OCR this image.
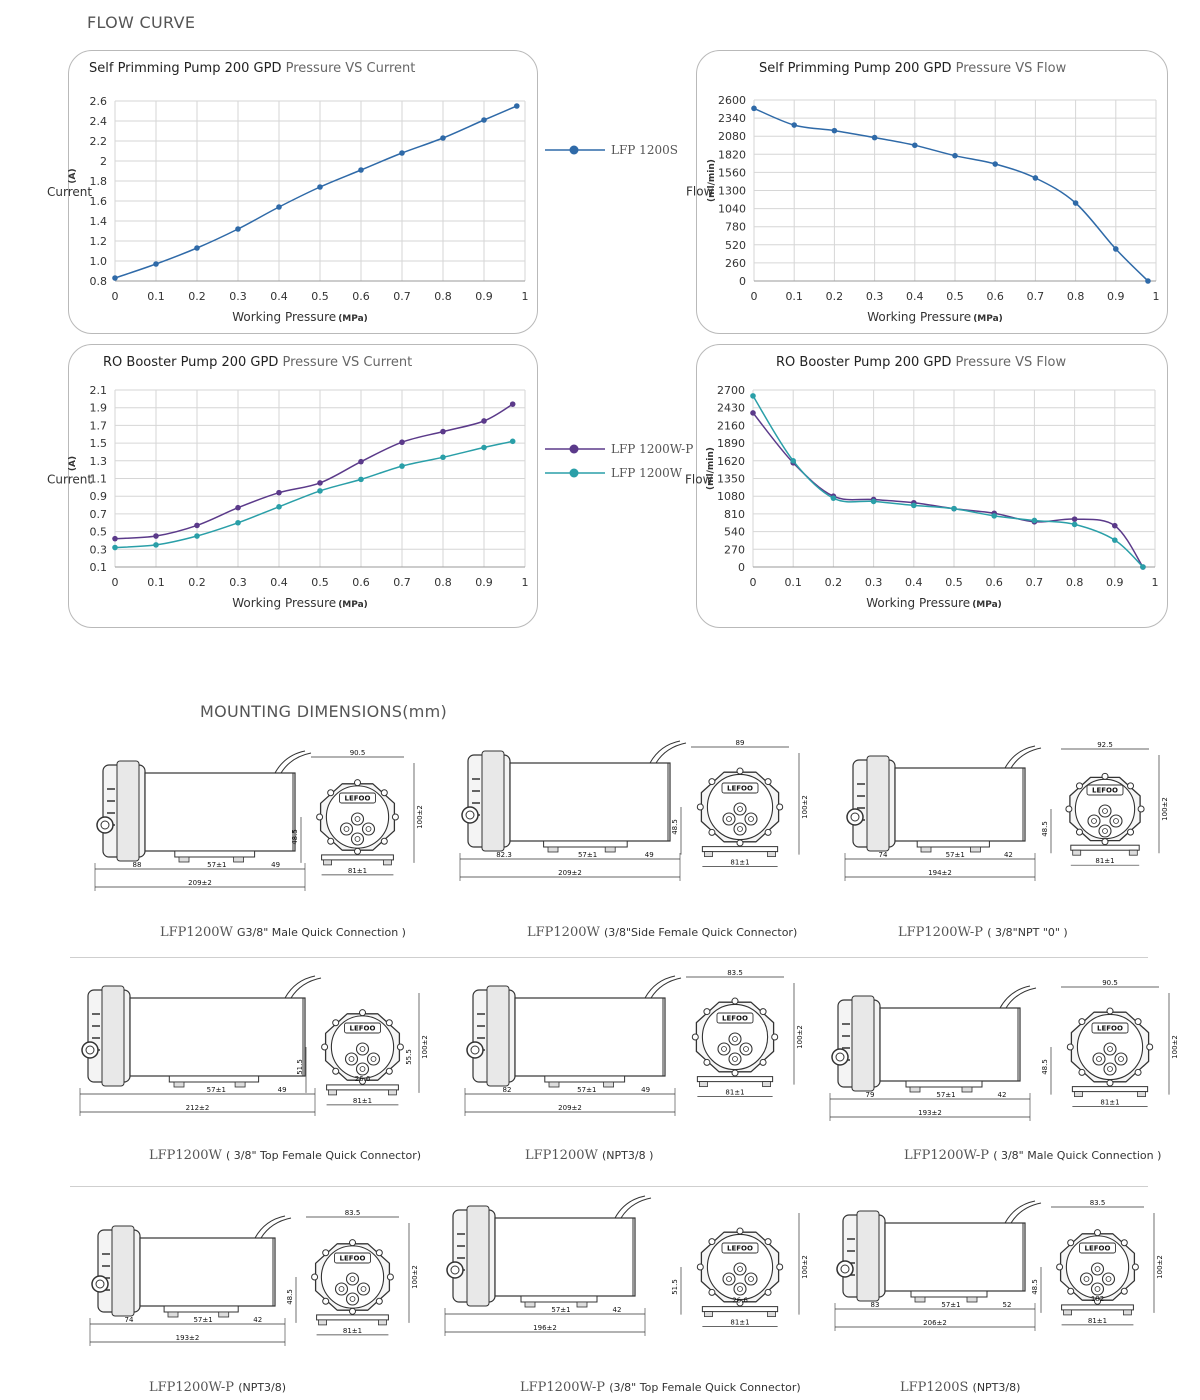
FLOW CURVE
Self Primming Pump 200 GPD Pressure VS Current	Self Primming Pump 200 GPD Pressure VS Flow
RO Booster Pump 200 GPD Pressure VS Current	RO Booster Pump 200 GPD Pressure VS Flow
0	0.1 0.2 0.3 0.4 0.5 0.6 0.7 0.8 0.9	1
0.8
1.0
1.2
1.4
1.6
1.8
2
2.2
2.4
2.6
Working Pressure (MPa)
Current
(A)
0	0.1 0.2 0.3 0.4 0.5 0.6 0.7 0.8 0.9	1
0
260
520
780
1040
1300
1560
1820
2080
2340
2600
Working Pressure (MPa)
Flow
(ml/min)
0	0.1 0.2 0.3 0.4 0.5 0.6 0.7 0.8 0.9	1
0.1
0.3
0.5
0.7
0.9
1.1
1.3
1.5
1.7
1.9
2.1
Working Pressure (MPa)
Current
(A)
0	0.1 0.2 0.3 0.4 0.5 0.6 0.7 0.8 0.9	1
0
270
540
810
1080
1350
1620
1890
2160
2430
2700
Working Pressure (MPa)
Flow
(ml/min)
LFP 1200S
LFP 1200W-P
LFP 1200W
MOUNTING DIMENSIONS(mm)
209±2
88	57±1	49
90.5
LEFOO
81±1
100±2
48.5
209±2
82.3	57±1	49
89
LEFOO
81±1
100±2
48.5
194±2
74	57±1	42
92.5
LEFOO
81±1
100±2
48.5
212±2
57±1	49
LEFOO
81±1
100±2
51.5
26.6
55.5
209±2
82	57±1	49
83.5
LEFOO
81±1
100±2
193±2
79	57±1	42
90.5
LEFOO
81±1
100±2
48.5
193±2
74	57±1	42
83.5
LEFOO
81±1
100±2
48.5
196±2
57±1	42
LEFOO
81±1
100±2
51.5
26.6
206±2
83	57±1	52
83.5
LEFOO
81±1
100±2
48.5
102
LFP1200W G3/8" Male Quick Connection )	LFP1200W (3/8"Side Female Quick Connector)	LFP1200W-P ( 3/8"NPT "0" )
LFP1200W ( 3/8" Top Female Quick Connector)	LFP1200W (NPT3/8 )	LFP1200W-P ( 3/8" Male Quick Connection )
LFP1200W-P (NPT3/8)	LFP1200W-P (3/8" Top Female Quick Connector)	LFP1200S (NPT3/8)
